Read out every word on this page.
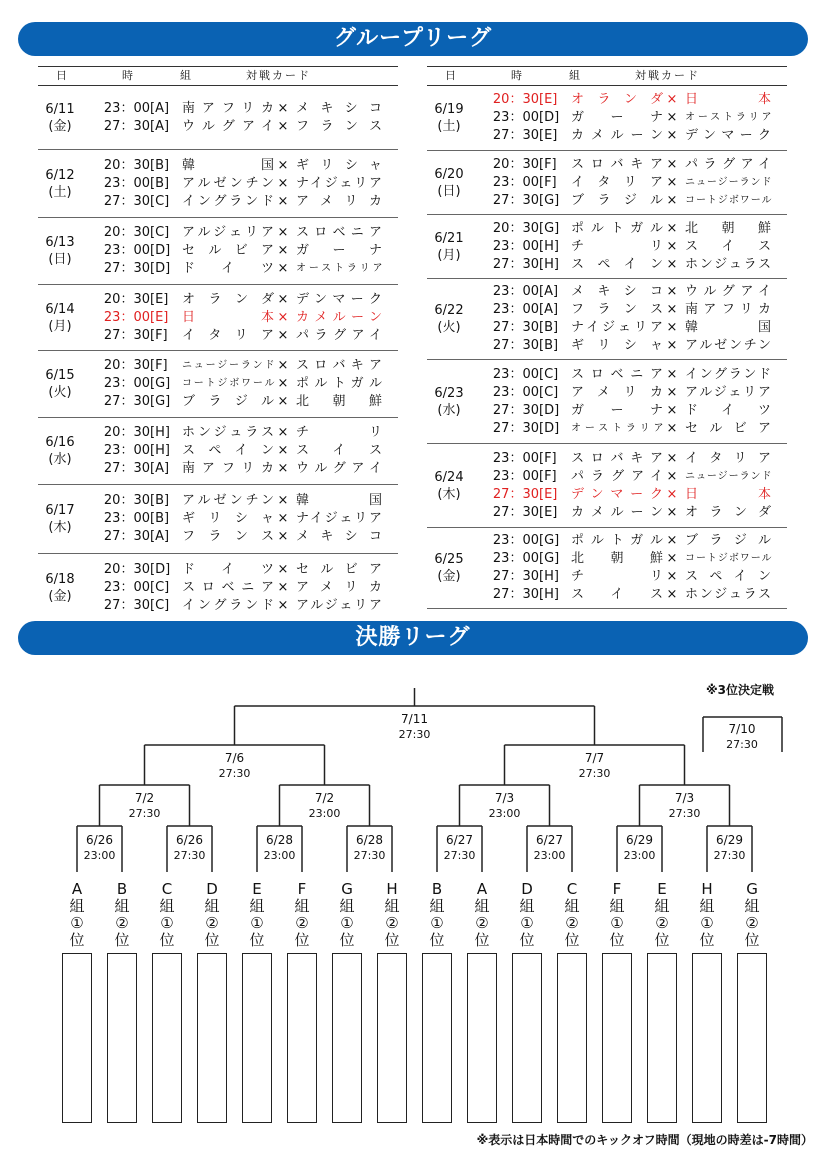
グループリーグ
日	時	組	対戦カード
6/11
(金)
23：00 [A] 南アフリカ × メキシコ
27：30 [A] ウルグアイ × フランス
6/12
(土)
20：30 [B] 韓国 × ギリシャ
23：00 [B] アルゼンチン × ナイジェリア
27：30 [C] イングランド × アメリカ
6/13
(日)
20：30 [C] アルジェリア × スロベニア
23：00 [D] セルビア × ガーナ
27：30 [D] ドイツ × オーストラリア
6/14
(月)
20：30 [E] オランダ × デンマーク
23：00 [E] 日本 × カメルーン
27：30 [F] イタリア × パラグアイ
6/15
(火)
20：30 [F] ニュージーランド × スロバキア
23：00 [G] コートジボワール × ポルトガル
27：30 [G] ブラジル × 北朝鮮
6/16
(水)
20：30 [H] ホンジュラス × チリ
23：00 [H] スペイン × スイス
27：30 [A] 南アフリカ × ウルグアイ
6/17
(木)
20：30 [B] アルゼンチン × 韓国
23：00 [B] ギリシャ × ナイジェリア
27：30 [A] フランス × メキシコ
6/18
(金)
20：30 [D] ドイツ × セルビア
23：00 [C] スロベニア × アメリカ
27：30 [C] イングランド × アルジェリア
日	時	組	対戦カード
6/19
(土)
20：30 [E] オランダ × 日本
23：00 [D] ガーナ × オーストラリア
27：30 [E] カメルーン × デンマーク
6/20
(日)
20：30 [F] スロバキア × パラグアイ
23：00 [F] イタリア × ニュージーランド
27：30 [G] ブラジル × コートジボワール
6/21
(月)
20：30 [G] ポルトガル × 北朝鮮
23：00 [H] チリ × スイス
27：30 [H] スペイン × ホンジュラス
6/22
(火)
23：00 [A] メキシコ × ウルグアイ
23：00 [A] フランス × 南アフリカ
27：30 [B] ナイジェリア × 韓国
27：30 [B] ギリシャ × アルゼンチン
6/23
(水)
23：00 [C] スロベニア × イングランド
23：00 [C] アメリカ × アルジェリア
27：30 [D] ガーナ × ドイツ
27：30 [D] オーストラリア × セルビア
6/24
(木)
23：00 [F] スロバキア × イタリア
23：00 [F] パラグアイ × ニュージーランド
27：30 [E] デンマーク × 日本
27：30 [E] カメルーン × オランダ
6/25
(金)
23：00 [G] ポルトガル × ブラジル
23：00 [G] 北朝鮮 × コートジボワール
27：30 [H] チリ × スペイン
27：30 [H] スイス × ホンジュラス
決勝リーグ
6/26
23:00
6/26
27:30
6/28
23:00
6/28
27:30
6/27
27:30
6/27
23:00
6/29
23:00
6/29
27:30
7/2
27:30
7/2
23:00
7/3
23:00
7/3
27:30
7/6
27:30
7/7
27:30
7/11
27:30	7/10
27:30
A
組
①
位
B
組
②
位
C
組
①
位
D
組
②
位
E
組
①
位
F
組
②
位
G
組
①
位
H
組
②
位
B
組
①
位
A
組
②
位
D
組
①
位
C
組
②
位
F
組
①
位
E
組
②
位
H
組
①
位
G
組
②
位
※3位決定戦
※表示は日本時間でのキックオフ時間（現地の時差は-7時間）
